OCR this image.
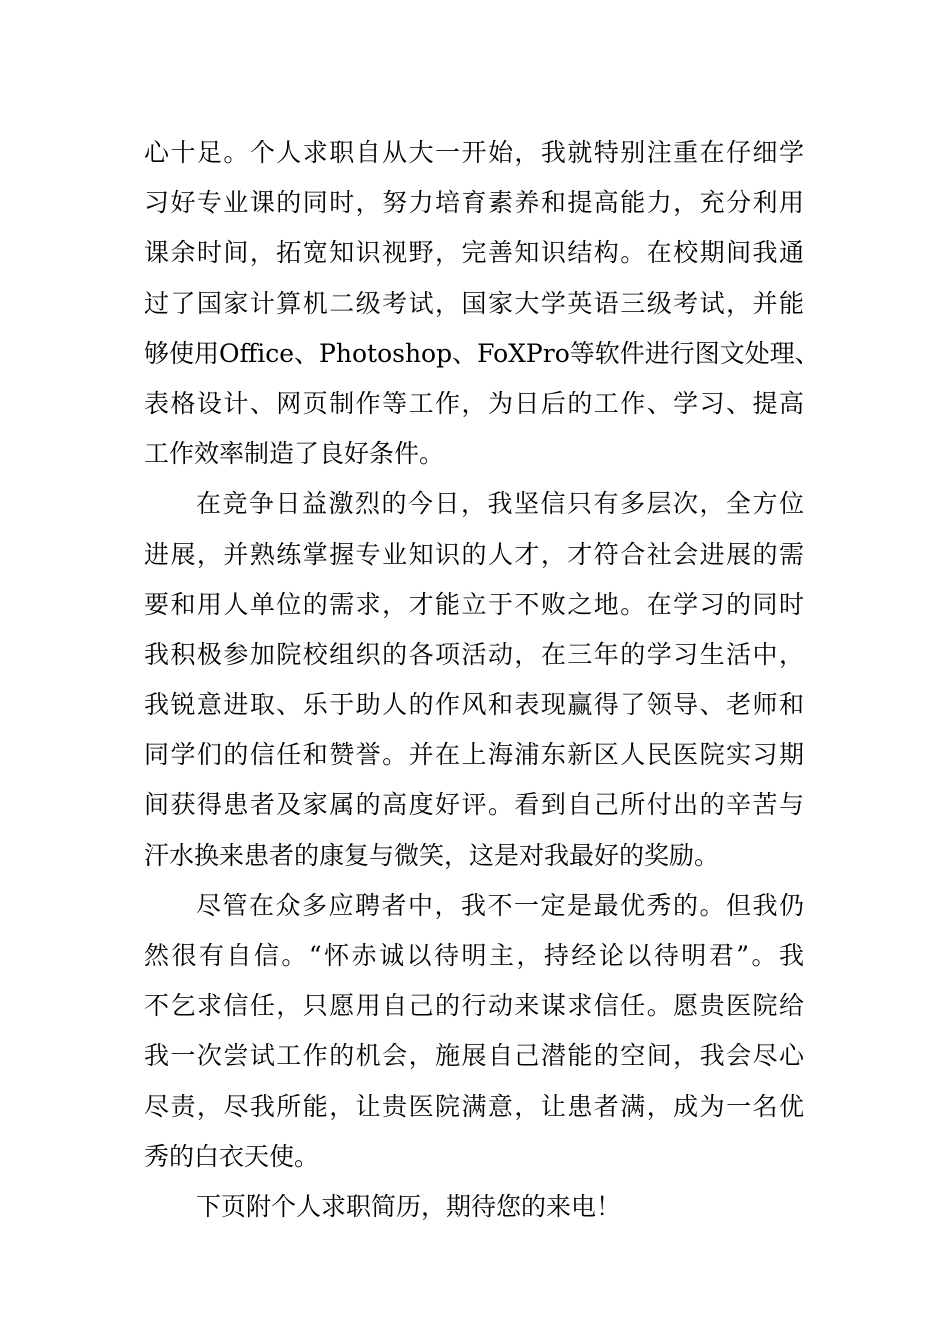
心十足。个人求职自从大一开始，我就特别注重在仔细学
习好专业课的同时，努力培育素养和提高能力，充分利用
课余时间，拓宽知识视野，完善知识结构。在校期间我通
过了国家计算机二级考试，国家大学英语三级考试，并能
够使用Office、Photoshop、FoXPro等软件进行图文处理、
表格设计、网页制作等工作，为日后的工作、学习、提高
工作效率制造了良好条件。
在竞争日益激烈的今日，我坚信只有多层次，全方位
进展，并熟练掌握专业知识的人才，才符合社会进展的需
要和用人单位的需求，才能立于不败之地。在学习的同时
我积极参加院校组织的各项活动，在三年的学习生活中，
我锐意进取、乐于助人的作风和表现赢得了领导、老师和
同学们的信任和赞誉。并在上海浦东新区人民医院实习期
间获得患者及家属的高度好评。看到自己所付出的辛苦与
汗水换来患者的康复与微笑，这是对我最好的奖励。
尽管在众多应聘者中，我不一定是最优秀的。但我仍
然很有自信。“怀赤诚以待明主，持经论以待明君”。我
不乞求信任，只愿用自己的行动来谋求信任。愿贵医院给
我一次尝试工作的机会，施展自己潜能的空间，我会尽心
尽责，尽我所能，让贵医院满意，让患者满，成为一名优
秀的白衣天使。
下页附个人求职简历，期待您的来电！
